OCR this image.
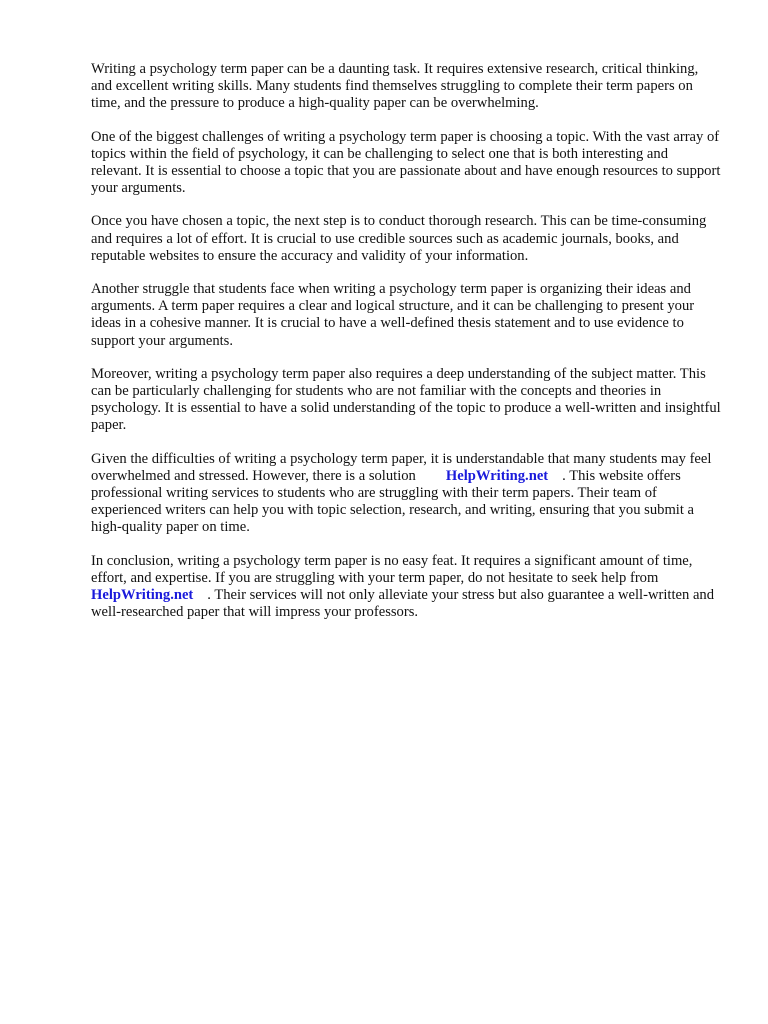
Writing a psychology term paper can be a daunting task. It requires extensive research, critical thinking, and excellent writing skills. Many students find themselves struggling to complete their term papers on time, and the pressure to produce a high-quality paper can be overwhelming.

One of the biggest challenges of writing a psychology term paper is choosing a topic. With the vast array of topics within the field of psychology, it can be challenging to select one that is both interesting and relevant. It is essential to choose a topic that you are passionate about and have enough resources to support your arguments.

Once you have chosen a topic, the next step is to conduct thorough research. This can be time-consuming and requires a lot of effort. It is crucial to use credible sources such as academic journals, books, and reputable websites to ensure the accuracy and validity of your information.

Another struggle that students face when writing a psychology term paper is organizing their ideas and arguments. A term paper requires a clear and logical structure, and it can be challenging to present your ideas in a cohesive manner. It is crucial to have a well-defined thesis statement and to use evidence to support your arguments.

Moreover, writing a psychology term paper also requires a deep understanding of the subject matter. This can be particularly challenging for students who are not familiar with the concepts and theories in psychology. It is essential to have a solid understanding of the topic to produce a well-written and insightful paper.

Given the difficulties of writing a psychology term paper, it is understandable that many students may feel overwhelmed and stressed. However, there is a solution HelpWriting.net . This website offers professional writing services to students who are struggling with their term papers. Their team of experienced writers can help you with topic selection, research, and writing, ensuring that you submit a high-quality paper on time.

In conclusion, writing a psychology term paper is no easy feat. It requires a significant amount of time, effort, and expertise. If you are struggling with your term paper, do not hesitate to seek help fromHelpWriting.net . Their services will not only alleviate your stress but also guarantee a well-written and well-researched paper that will impress your professors.
